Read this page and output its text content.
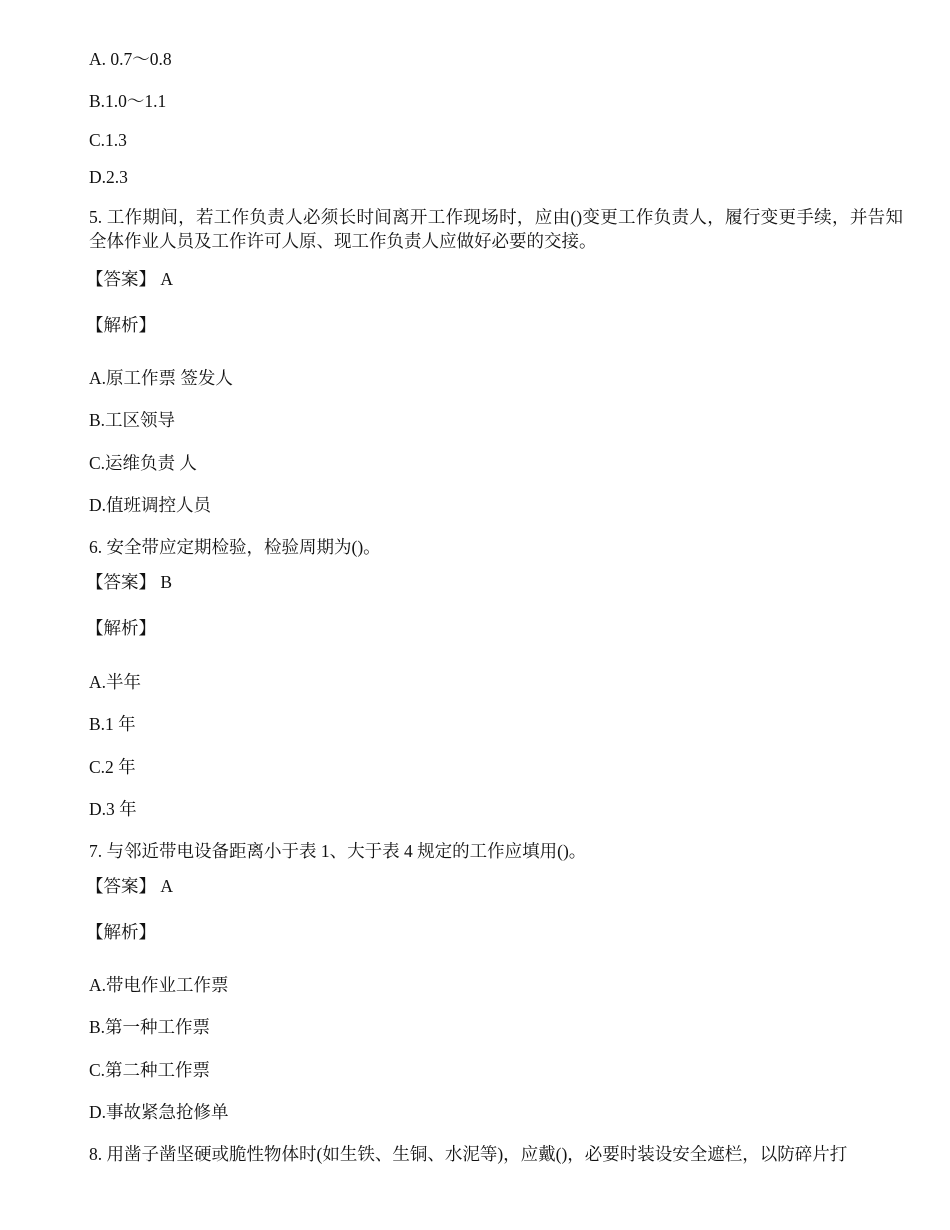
A. 0.7～0.8
B.1.0～1.1
C.1.3
D.2.3
5. 工作期间，若工作负责人必须长时间离开工作现场时，应由()变更工作负责人，履行变更手续，并告知全体作业人员及工作许可人原、现工作负责人应做好必要的交接。
【答案】 A
【解析】
A.原工作票 签发人
B.工区领导
C.运维负责 人
D.值班调控人员
6. 安全带应定期检验，检验周期为()。
【答案】 B
【解析】
A.半年
B.1 年
C.2 年
D.3 年
7. 与邻近带电设备距离小于表 1、大于表 4 规定的工作应填用()。
【答案】 A
【解析】
A.带电作业工作票
B.第一种工作票
C.第二种工作票
D.事故紧急抢修单
8. 用凿子凿坚硬或脆性物体时(如生铁、生铜、水泥等)，应戴()，必要时装设安全遮栏，以防碎片打
